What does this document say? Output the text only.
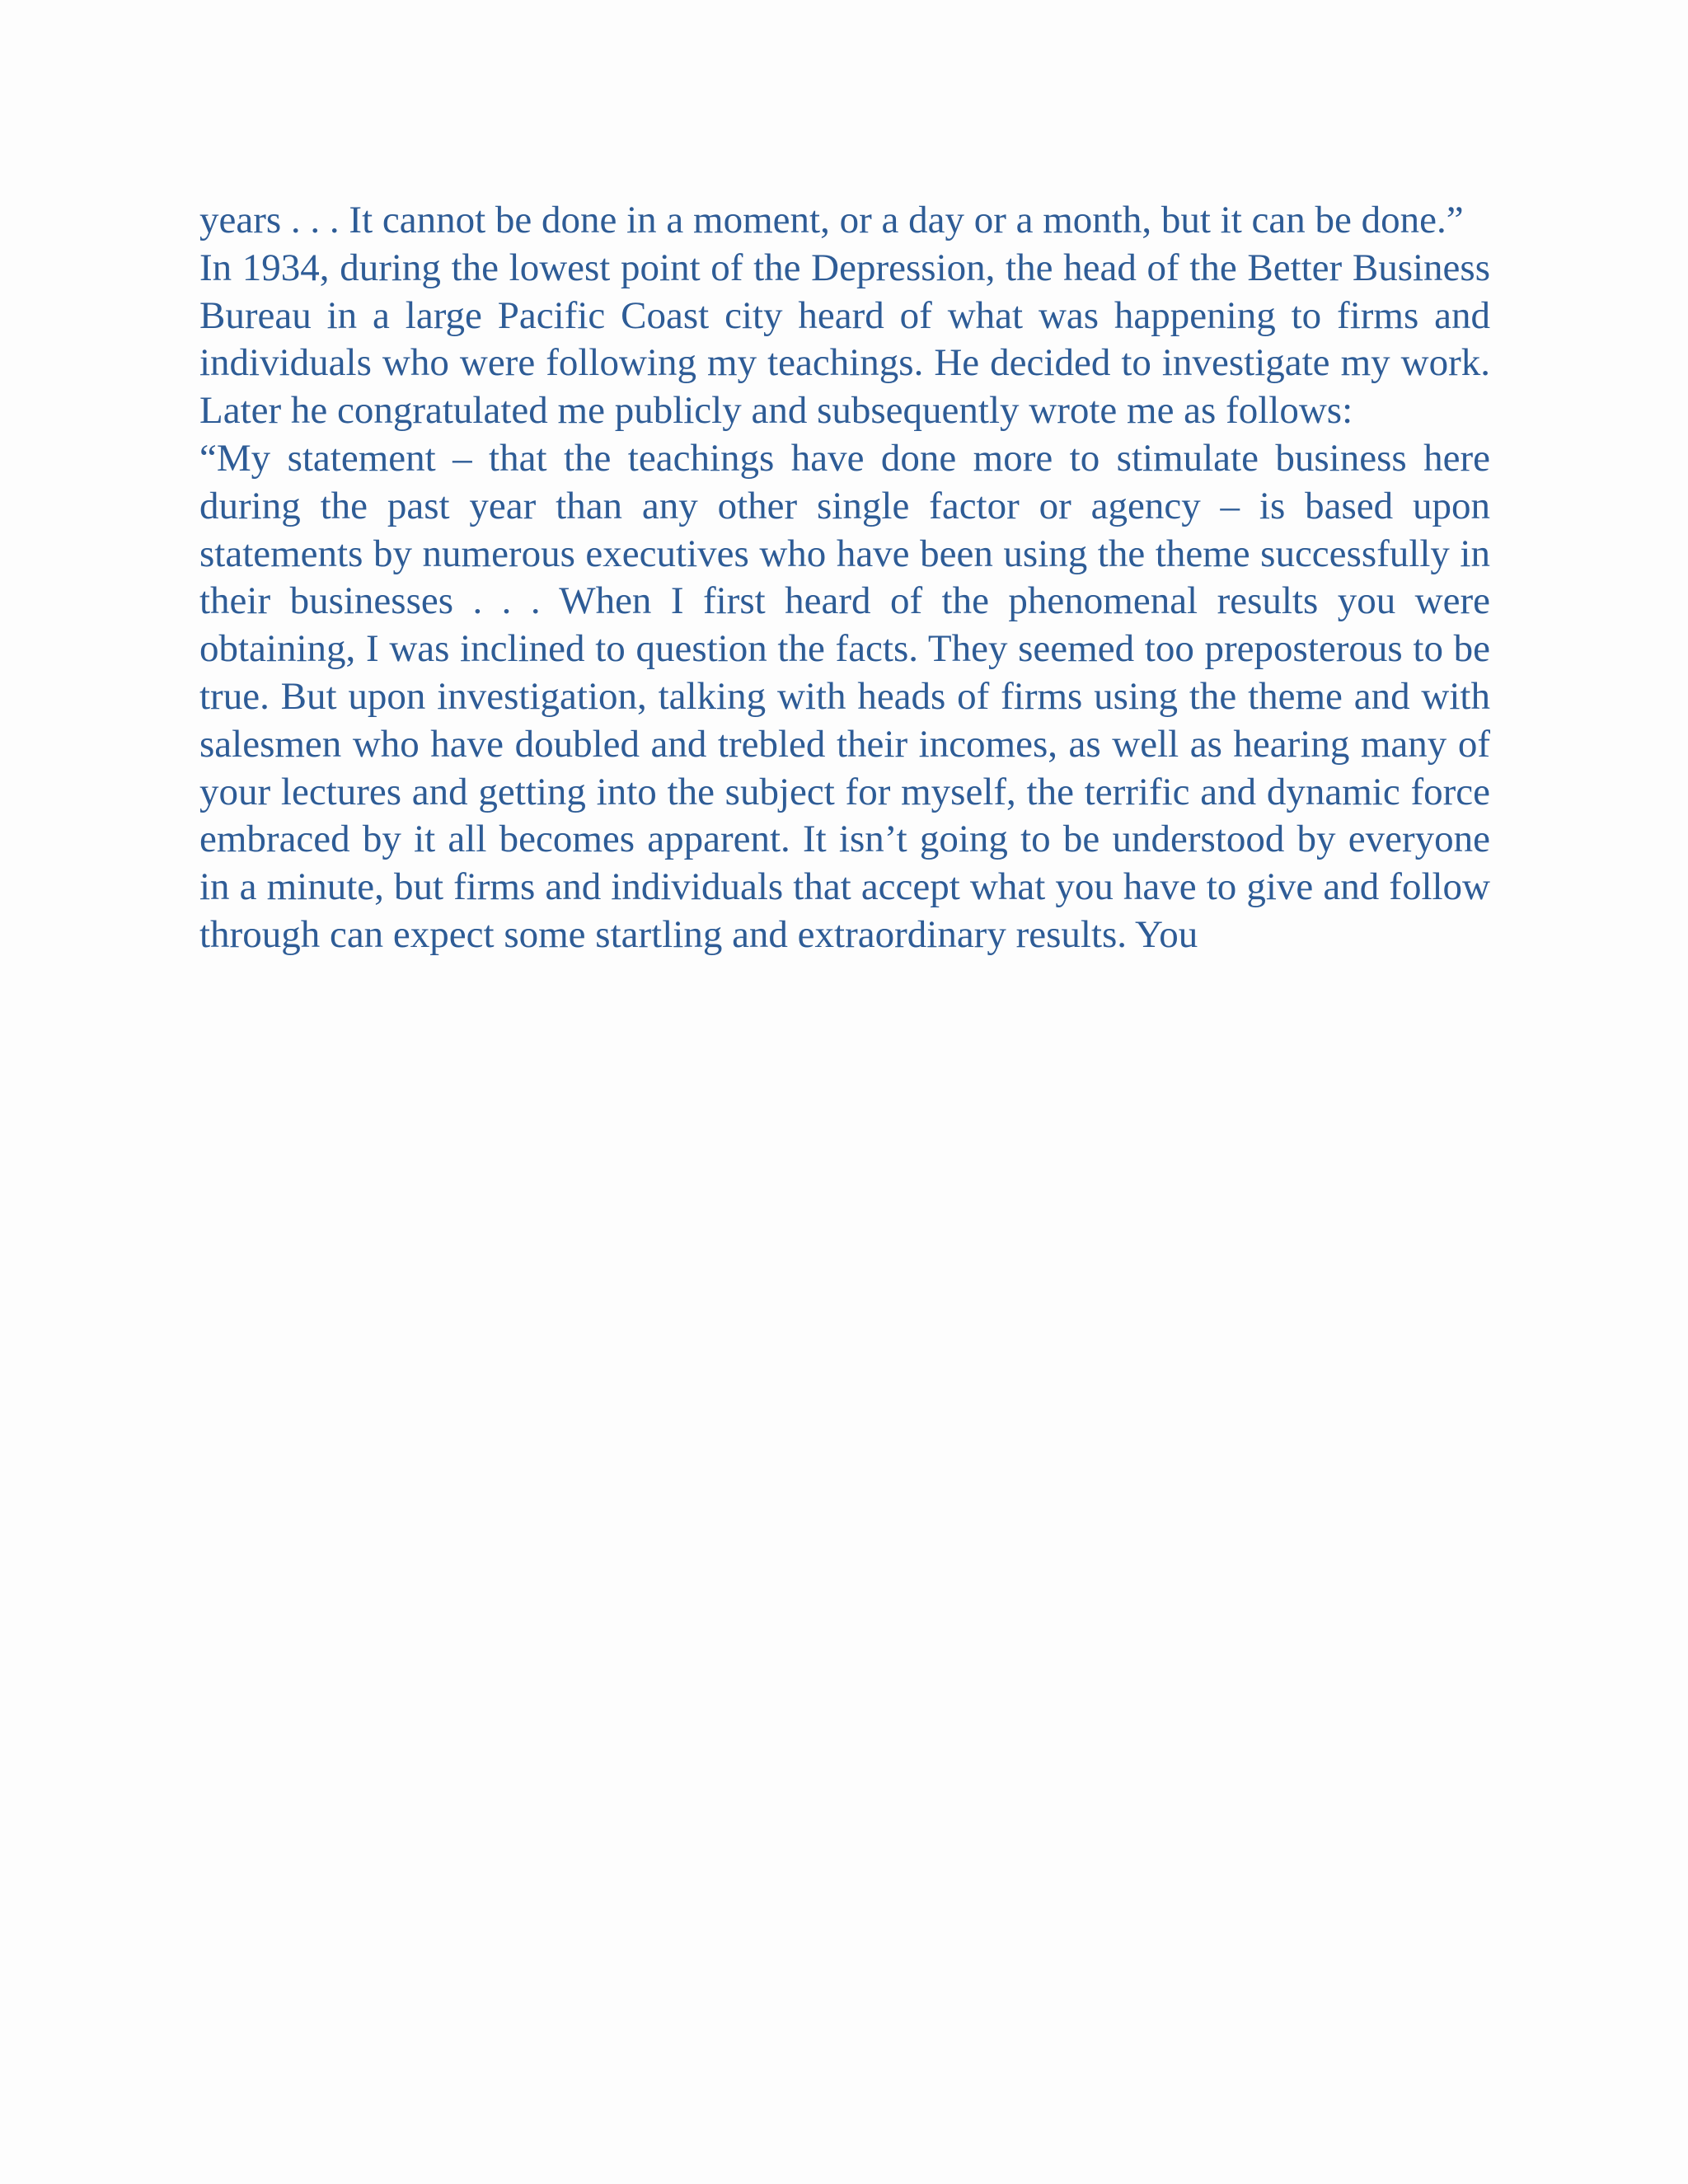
years . . . It cannot be done in a moment, or a day or a month, but it can be done.”

In 1934, during the lowest point of the Depression, the head of the Better Business Bureau in a large Pacific Coast city heard of what was happening to firms and individuals who were following my teachings. He decided to investigate my work. Later he congratulated me publicly and subsequently wrote me as follows:

“My statement – that the teachings have done more to stimulate business here during the past year than any other single factor or agency – is based upon statements by numerous executives who have been using the theme successfully in their businesses . . . When I first heard of the phenomenal results you were obtaining, I was inclined to question the facts. They seemed too preposterous to be true. But upon investigation, talking with heads of firms using the theme and with salesmen who have doubled and trebled their incomes, as well as hearing many of your lectures and getting into the subject for myself, the terrific and dynamic force embraced by it all becomes apparent. It isn’t going to be understood by everyone in a minute, but firms and individuals that accept what you have to give and follow through can expect some startling and extraordinary results. You
